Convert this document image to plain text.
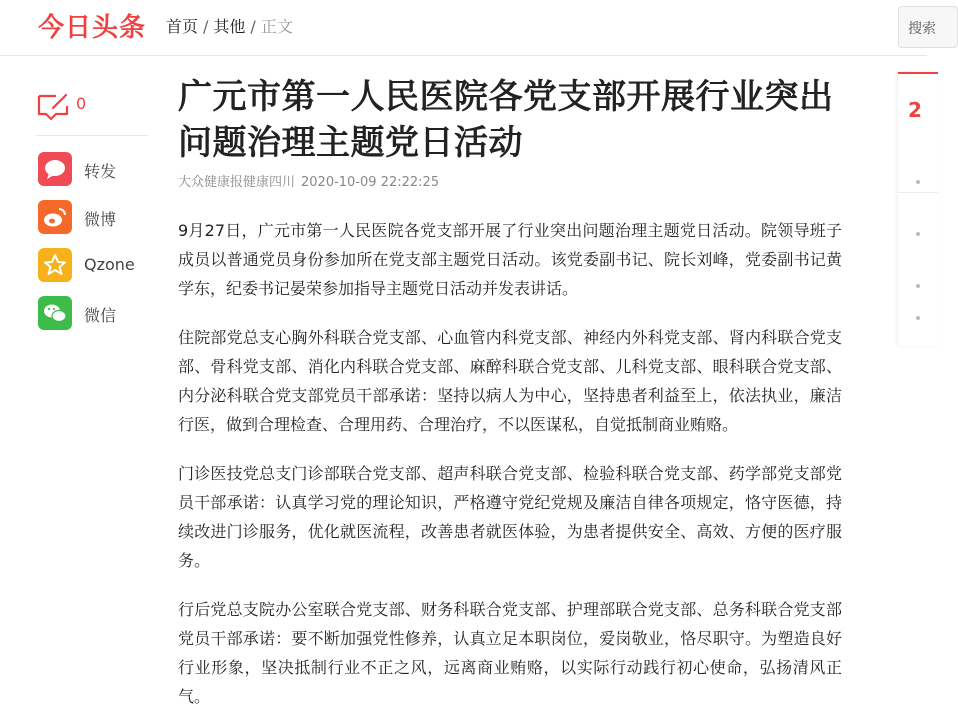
今日头条 首页 / 其他 / 正文	搜索
0
转发
微博
Qzone
微信
广元市第一人民医院各党支部开展行业突出问题治理主题党日活动
大众健康报健康四川 2020-10-09 22:22:25

9月27日，广元市第一人民医院各党支部开展了行业突出问题治理主题党日活动。院领导班子成员以普通党员身份参加所在党支部主题党日活动。该党委副书记、院长刘峰，党委副书记黄学东，纪委书记晏荣参加指导主题党日活动并发表讲话。

住院部党总支心胸外科联合党支部、心血管内科党支部、神经内外科党支部、肾内科联合党支部、骨科党支部、消化内科联合党支部、麻醉科联合党支部、儿科党支部、眼科联合党支部、内分泌科联合党支部党员干部承诺：坚持以病人为中心，坚持患者利益至上，依法执业，廉洁行医，做到合理检查、合理用药、合理治疗，不以医谋私，自觉抵制商业贿赂。

门诊医技党总支门诊部联合党支部、超声科联合党支部、检验科联合党支部、药学部党支部党员干部承诺：认真学习党的理论知识，严格遵守党纪党规及廉洁自律各项规定，恪守医德，持续改进门诊服务，优化就医流程，改善患者就医体验，为患者提供安全、高效、方便的医疗服务。

行后党总支院办公室联合党支部、财务科联合党支部、护理部联合党支部、总务科联合党支部党员干部承诺：要不断加强党性修养，认真立足本职岗位，爱岗敬业，恪尽职守。为塑造良好行业形象，坚决抵制行业不正之风，远离商业贿赂，以实际行动践行初心使命，弘扬清风正气。

2
